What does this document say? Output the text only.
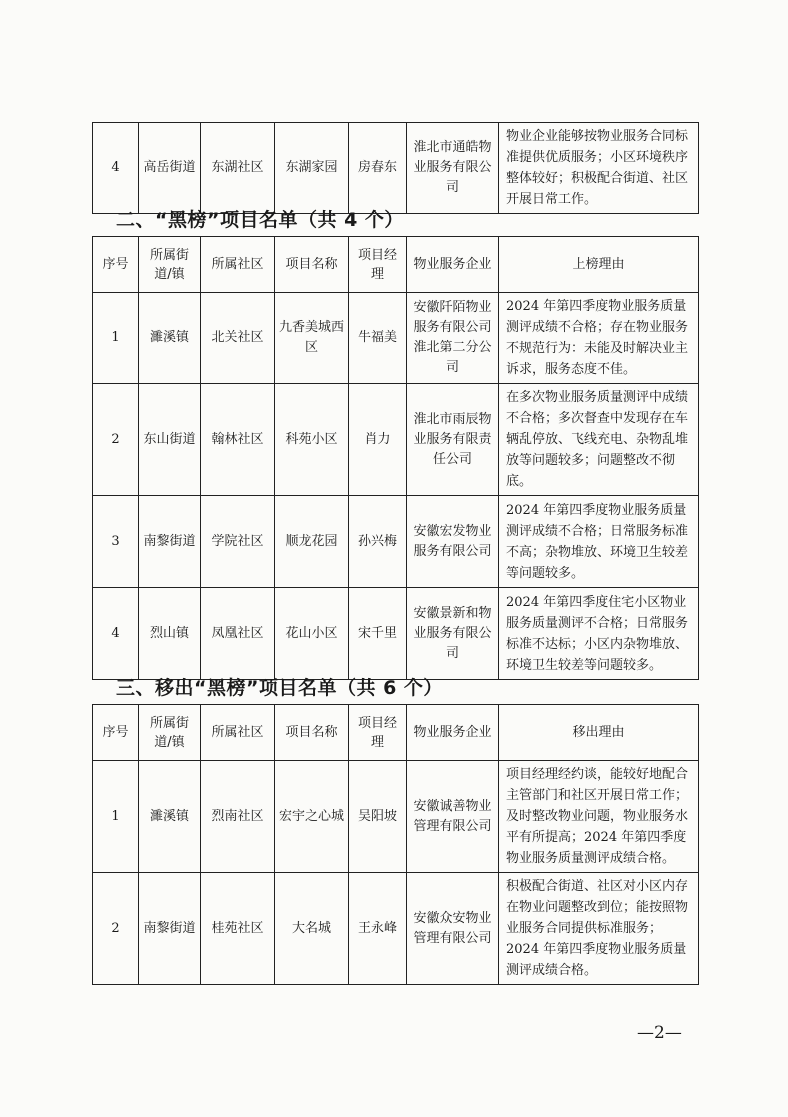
4	高岳街道	东湖社区	东湖家园	房春东	淮北市通皓物业服务有限公司	物业企业能够按物业服务合同标准提供优质服务；小区环境秩序整体较好；积极配合街道、社区开展日常工作。
二、“黑榜”项目名单（共 4 个）
序号	所属街道/镇	所属社区	项目名称	项目经理	物业服务企业	上榜理由
1	濉溪镇	北关社区	九香美城西区	牛福美	安徽阡陌物业服务有限公司淮北第二分公司	2024 年第四季度物业服务质量测评成绩不合格；存在物业服务不规范行为：未能及时解决业主诉求，服务态度不佳。
2	东山街道	翰林社区	科苑小区	肖力	淮北市雨辰物业服务有限责任公司	在多次物业服务质量测评中成绩不合格；多次督查中发现存在车辆乱停放、飞线充电、杂物乱堆放等问题较多；问题整改不彻底。
3	南黎街道	学院社区	顺龙花园	孙兴梅	安徽宏发物业服务有限公司	2024 年第四季度物业服务质量测评成绩不合格；日常服务标准不高；杂物堆放、环境卫生较差等问题较多。
4	烈山镇	凤凰社区	花山小区	宋千里	安徽景新和物业服务有限公司	2024 年第四季度住宅小区物业服务质量测评不合格；日常服务标准不达标；小区内杂物堆放、环境卫生较差等问题较多。
三、移出“黑榜”项目名单（共 6 个）
序号	所属街道/镇	所属社区	项目名称	项目经理	物业服务企业	移出理由
1	濉溪镇	烈南社区	宏宇之心城	吴阳坡	安徽诚善物业管理有限公司	项目经理经约谈，能较好地配合主管部门和社区开展日常工作；及时整改物业问题，物业服务水平有所提高；2024 年第四季度物业服务质量测评成绩合格。
2	南黎街道	桂苑社区	大名城	王永峰	安徽众安物业管理有限公司	积极配合街道、社区对小区内存在物业问题整改到位；能按照物业服务合同提供标准服务；2024 年第四季度物业服务质量测评成绩合格。
—2—
